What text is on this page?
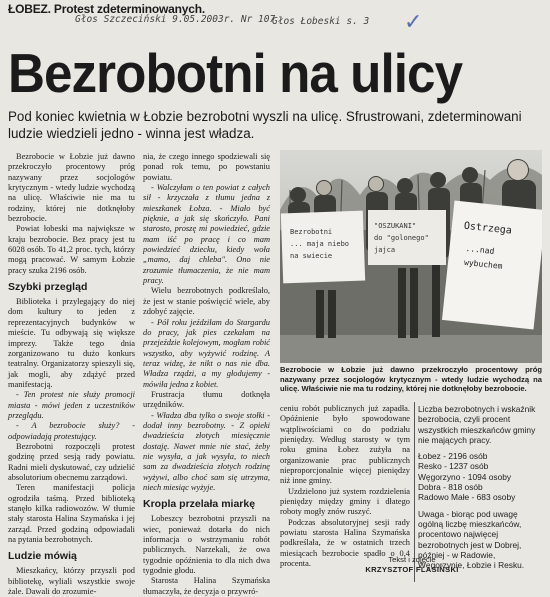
ŁOBEZ. Protest zdeterminowanych.
Głos Szczeciński 9.05.2003r. Nr 107
Głos Łobeski s. 3 ✓
Bezrobotni na ulicy
Pod koniec kwietnia w Łobzie bezrobotni wyszli na ulicę. Sfrustrowani, zdeterminowani ludzie wiedzieli jedno - winna jest władza.

Bezrobocie w Łobzie już dawno przekroczyło procentowy próg nazywany przez socjologów krytycznym - wtedy ludzie wychodzą na ulicę. Właściwie nie ma tu rodziny, której nie dotknęłoby bezrobocie.

Powiat łobeski ma największe w kraju bezrobocie. Bez pracy jest tu 6028 osób. To 41,2 proc. tych, którzy mogą pracować. W samym Łobzie pracy szuka 2196 osób.

Szybki przegląd

Biblioteka i przylegający do niej dom kultury to jeden z reprezentacyjnych budynków w mieście. Tu odbywają się większe imprezy. Także tego dnia zorganizowano tu dużo konkurs teatralny. Organizatorzy spieszyli się, jak mogli, aby zdążyć przed manifestacją.

- Ten protest nie służy promocji miasta - mówi jeden z uczestników przeglądu.

- A bezrobocie służy? - odpowiadają protestujący.

Bezrobotni rozpoczęli protest godzinę przed sesją rady powiatu. Radni mieli dyskutować, czy udzielić absolutorium obecnemu zarządowi.

Teren manifestacji policja ogrodziła taśmą. Przed biblioteką stanęło kilka radiowozów. W tłumie stały starosta Halina Szymańska i jej zarząd. Przed godziną odpowiadali na pytania bezrobotnych.

Ludzie mówią

Mieszkańcy, którzy przyszli pod bibliotekę, wyliali wszystkie swoje żale. Dawali do zrozumie-

nia, że czego innego spodziewali się ponad rok temu, po powstaniu powiatu.

- Walczyłam o ten powiat z całych sił - krzyczała z tłumu jedna z mieszkanek Łobza. - Miało być pięknie, a jak się skończyło. Pani starosto, proszę mi powiedzieć, gdzie mam iść po pracę i co mam powiedzieć dziecku, kiedy woła „mamo, daj chleba". Ono nie zrozumie tłumaczenia, że nie mam pracy.

Wielu bezrobotnych podkreślało, że jest w stanie poświęcić wiele, aby zdobyć zajęcie.

- Pół roku jeździłam do Stargardu do pracy, jak pies czekałam na przejeździe kolejowym, mogłam robić wszystko, aby wyżywić rodzinę. A teraz widzę, że nikt o nas nie dba. Władza rządzi, a my głodujemy - mówiła jedna z kobiet.

Frustracja tłumu dotknęła urzędników.

- Władza dba tylko o swoje stołki - dodał inny bezrobotny. - Z opieki dwadzieścia złotych miesięcznie dostaję. Nawet mnie nie stać, żeby nie wysyła, a jak wysyła, to niech sam za dwadzieścia złotych rodzinę wyżywi, albo choć sam się utrzyma, niech miesiąc wyżyje.

Kropla przelała miarkę

Lobeszcy bezrobotni przyszli na wiec, ponieważ dotarła do nich informacja o wstrzymaniu robót publicznych. Narzekali, że owa tygodnie opóźnienia to dla nich dwa tygodnie głodu.

Starosta Halina Szymańska tłumaczyła, że decyzja o przywró-

Bezrobotni ... maja niebo na swiecie
"OSZUKANI" do "golonego" jajca
Ostrzega ...nad wybuchem
Bezrobocie w Łobzie już dawno przekroczyło procentowy próg nazywany przez socjologów krytycznym - wtedy ludzie wychodzą na ulicę. Właściwie nie ma tu rodziny, której nie dotknęłoby bezrobocie.

ceniu robót publicznych już zapadła. Opóźnienie było spowodowane wątpliwościami co do podziału pieniędzy. Według starosty w tym roku gmina Łobez zużyła na organizowanie prac publicznych nieproporcjonalnie więcej pieniędzy niż inne gminy.

Uzdzielono już system rozdzielenia pieniędzy między gminy i dłatego roboty mogły znów ruszyć.

Podczas absolutoryjnej sesji rady powiatu starosta Halina Szymańska podkreślała, że w ostatnich trzech miesiącach bezrobocie spadło o 0,4 procenta.

Liczba bezrobotnych i wskaźnik bezrobocia, czyli procent wszystkich mieszkańców gminy nie mających pracy.

Łobez - 2196 osób
Resko - 1237 osób
Węgorzyno - 1094 osoby
Dobra - 818 osób
Radowo Małe - 683 osoby

Uwaga - biorąc pod uwagę ogólną liczbę mieszkańców, procentowo najwięcej bezrobotnych jest w Dobrej, później - w Radowie, Węgorzynie, Łobzie i Resku.

Tekst i zdjęcie
KRZYSZTOF FLASIŃSKI
